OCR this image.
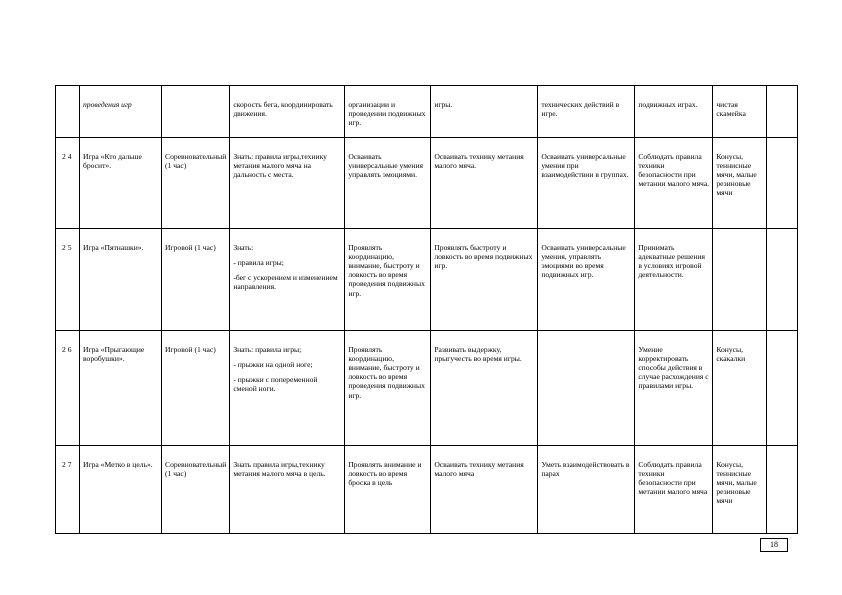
	проведения игр		скорость бега, координировать движения.	организации и проведении подвижных игр.	игры.	технических действий в игре.	подвижных играх.	чистая скамейка	
2 4	Игра «Кто дальше бросит».	Соревновательный (1 час)	Знать: правила игры,технику метания малого мяча на дальность с места.	Осваивать универсальные умения управлять эмоциями.	Осваивать технику метания малого мяча.	Осваивать универсальные умения при взаимодействии в группах.	Соблюдать правила техники безопасности при метании малого мяча.	Конусы, теннисные мячи, малые резиновые мячи	
2 5	Игра «Пятнашки».	Игровой (1 час)	Знать:

- правила игры;

-бег с ускорением и изменением направления.	Проявлять координацию, внимание, быстроту и ловкость во время проведения подвижных игр.	Проявлять быстроту и ловкость во время подвижных игр.	Осваивать универсальные умения, управлять эмоциями во время подвижных игр.	Принимать адекватные решения в условиях игровой деятельности.		
2 6	Игра «Прыгающие воробушки».	Игровой (1 час)	Знать: правила игры;

- прыжки на одной ноге;

- прыжки с попеременной сменой ноги.	Проявлять координацию, внимание, быстроту и ловкость во время проведения подвижных игр.	Развивать выдержку, прыгучесть во время игры.		Умение корректировать способы действия в случае расхождения с правилами игры.	Конусы, скакалки	
2 7	Игра «Метко в цель».	Соревновательный (1 час)	Знать правила игры,технику метания малого мяча в цель.	Проявлять внимание и ловкость во время броска в цель	Осваивать технику метания малого мяча	Уметь взаимодействовать в парах	Соблюдать правила техники безопасности при метании малого мяча	Конусы, теннисные мячи, малые резиновые мячи	
18
